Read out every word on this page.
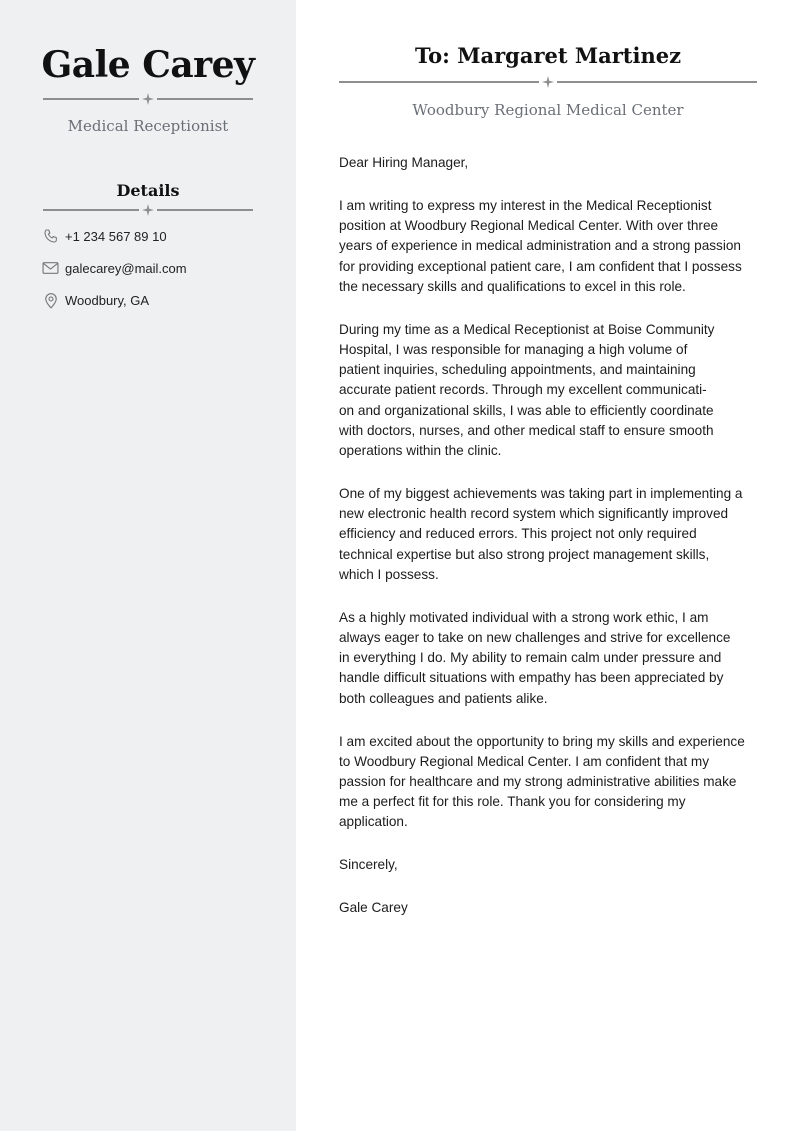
Gale Carey
Medical Receptionist
Details
+1 234 567 89 10
galecarey@mail.com
Woodbury, GA
To: Margaret Martinez
Woodbury Regional Medical Center

Dear Hiring Manager,

I am writing to express my interest in the Medical Receptionist
position at Woodbury Regional Medical Center. With over three
years of experience in medical administration and a strong passion
for providing exceptional patient care, I am confident that I possess
the necessary skills and qualifications to excel in this role.

During my time as a Medical Receptionist at Boise Community
Hospital, I was responsible for managing a high volume of
patient inquiries, scheduling appointments, and maintaining
accurate patient records. Through my excellent communicati-
on and organizational skills, I was able to efficiently coordinate
with doctors, nurses, and other medical staff to ensure smooth
operations within the clinic.

One of my biggest achievements was taking part in implementing a
new electronic health record system which significantly improved
efficiency and reduced errors. This project not only required
technical expertise but also strong project management skills,
which I possess.

As a highly motivated individual with a strong work ethic, I am
always eager to take on new challenges and strive for excellence
in everything I do. My ability to remain calm under pressure and
handle difficult situations with empathy has been appreciated by
both colleagues and patients alike.

I am excited about the opportunity to bring my skills and experience
to Woodbury Regional Medical Center. I am confident that my
passion for healthcare and my strong administrative abilities make
me a perfect fit for this role. Thank you for considering my
application.

Sincerely,

Gale Carey
